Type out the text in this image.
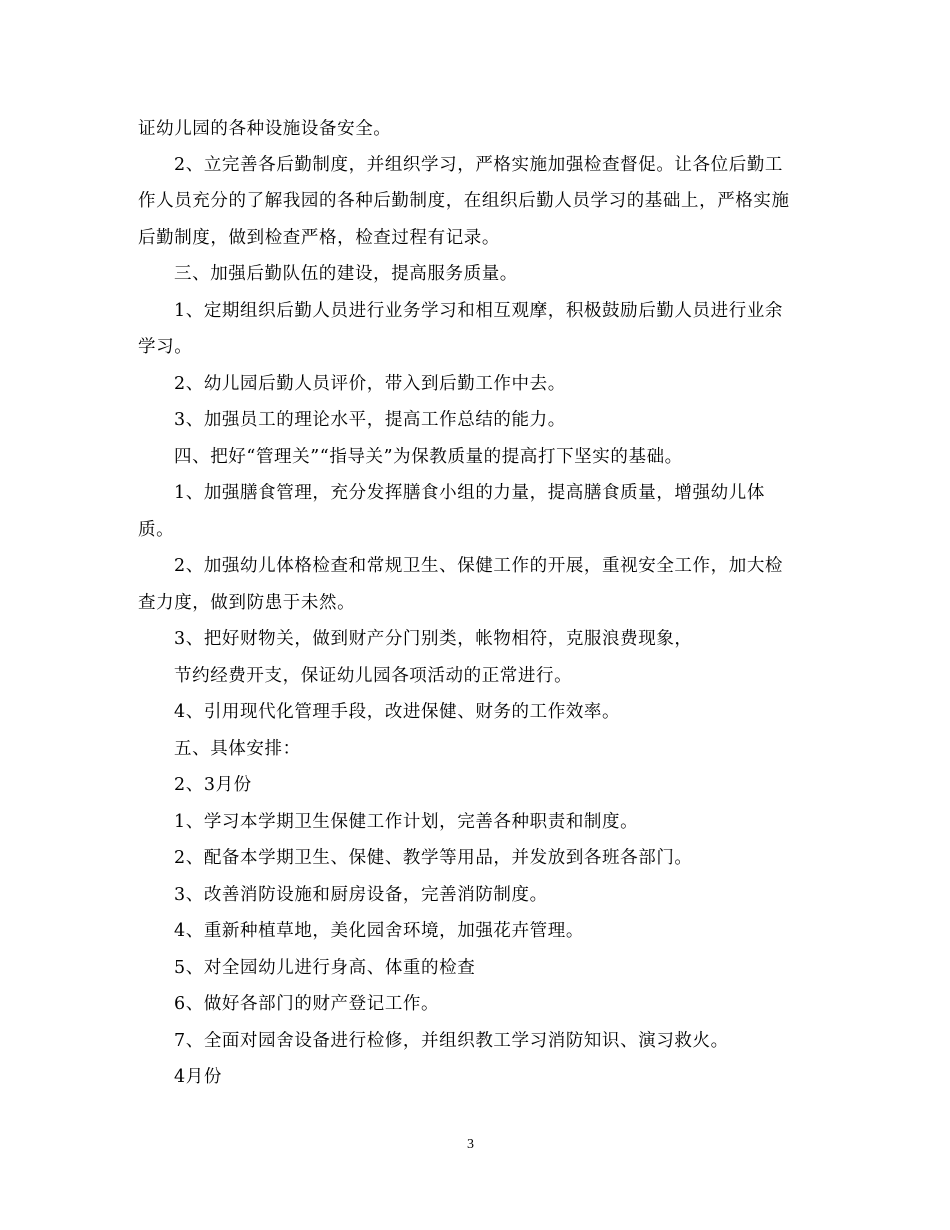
证幼儿园的各种设施设备安全。
2、立完善各后勤制度，并组织学习，严格实施加强检查督促。让各位后勤工
作人员充分的了解我园的各种后勤制度，在组织后勤人员学习的基础上，严格实施
后勤制度，做到检查严格，检查过程有记录。
三、加强后勤队伍的建设，提高服务质量。
1、定期组织后勤人员进行业务学习和相互观摩，积极鼓励后勤人员进行业余
学习。
2、幼儿园后勤人员评价，带入到后勤工作中去。
3、加强员工的理论水平，提高工作总结的能力。
四、把好“管理关”“指导关”为保教质量的提高打下坚实的基础。
1、加强膳食管理，充分发挥膳食小组的力量，提高膳食质量，增强幼儿体
质。
2、加强幼儿体格检查和常规卫生、保健工作的开展，重视安全工作，加大检
查力度，做到防患于未然。
3、把好财物关，做到财产分门别类，帐物相符，克服浪费现象，
节约经费开支，保证幼儿园各项活动的正常进行。
4、引用现代化管理手段，改进保健、财务的工作效率。
五、具体安排：
2、3月份
1、学习本学期卫生保健工作计划，完善各种职责和制度。
2、配备本学期卫生、保健、教学等用品，并发放到各班各部门。
3、改善消防设施和厨房设备，完善消防制度。
4、重新种植草地，美化园舍环境，加强花卉管理。
5、对全园幼儿进行身高、体重的检查
6、做好各部门的财产登记工作。
7、全面对园舍设备进行检修，并组织教工学习消防知识、演习救火。
4月份
3
